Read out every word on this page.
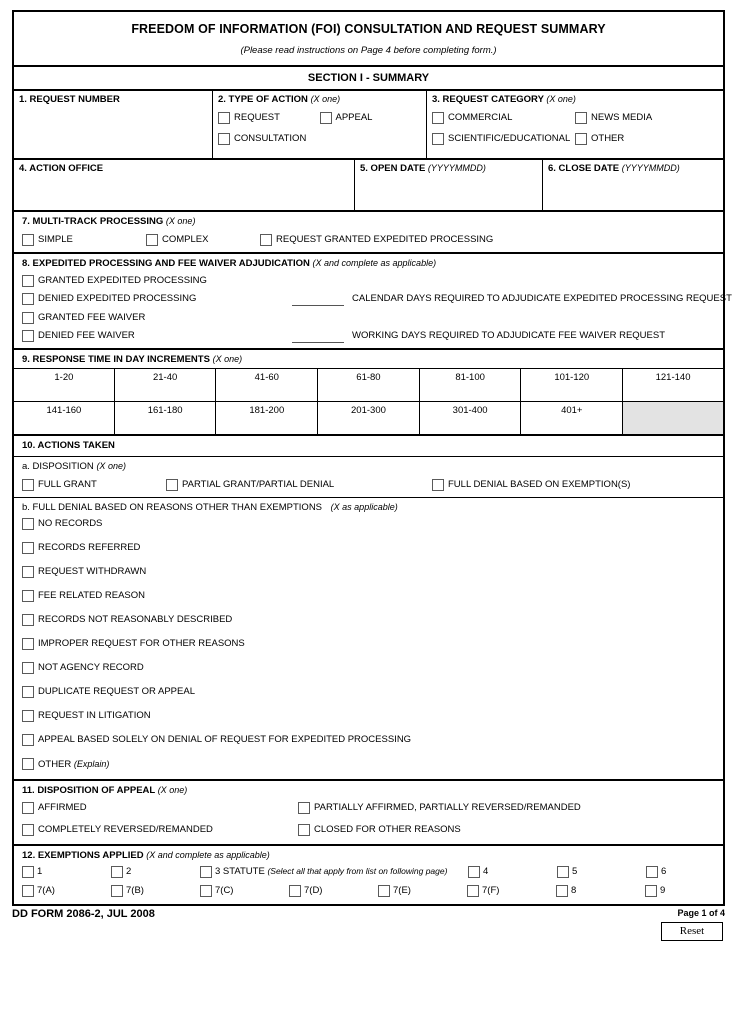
FREEDOM OF INFORMATION (FOI) CONSULTATION AND REQUEST SUMMARY
(Please read instructions on Page 4 before completing form.)
SECTION I - SUMMARY
1. REQUEST NUMBER	2. TYPE OF ACTION (X one)
REQUEST	APPEAL
CONSULTATION
3. REQUEST CATEGORY (X one)
COMMERCIAL	NEWS MEDIA
SCIENTIFIC/EDUCATIONAL OTHER
4. ACTION OFFICE	5. OPEN DATE (YYYYMMDD)	6. CLOSE DATE (YYYYMMDD)
7. MULTI-TRACK PROCESSING (X one)
SIMPLE	COMPLEX	REQUEST GRANTED EXPEDITED PROCESSING
8. EXPEDITED PROCESSING AND FEE WAIVER ADJUDICATION (X and complete as applicable)
GRANTED EXPEDITED PROCESSING
DENIED EXPEDITED PROCESSING	CALENDAR DAYS REQUIRED TO ADJUDICATE EXPEDITED PROCESSING REQUEST
GRANTED FEE WAIVER
DENIED FEE WAIVER	WORKING DAYS REQUIRED TO ADJUDICATE FEE WAIVER REQUEST
9. RESPONSE TIME IN DAY INCREMENTS (X one)
1-20	21-40	41-60	61-80	81-100	101-120	121-140
141-160	161-180	181-200	201-300	301-400	401+	
10. ACTIONS TAKEN
a. DISPOSITION (X one)
FULL GRANT	PARTIAL GRANT/PARTIAL DENIAL	FULL DENIAL BASED ON EXEMPTION(S)
b. FULL DENIAL BASED ON REASONS OTHER THAN EXEMPTIONS (X as applicable)
NO RECORDS
RECORDS REFERRED
REQUEST WITHDRAWN
FEE RELATED REASON
RECORDS NOT REASONABLY DESCRIBED
IMPROPER REQUEST FOR OTHER REASONS
NOT AGENCY RECORD
DUPLICATE REQUEST OR APPEAL
REQUEST IN LITIGATION
APPEAL BASED SOLELY ON DENIAL OF REQUEST FOR EXPEDITED PROCESSING
OTHER (Explain)
11. DISPOSITION OF APPEAL (X one)
AFFIRMED	PARTIALLY AFFIRMED, PARTIALLY REVERSED/REMANDED
COMPLETELY REVERSED/REMANDED	CLOSED FOR OTHER REASONS
12. EXEMPTIONS APPLIED (X and complete as applicable)
1	2	3 STATUTE (Select all that apply from list on following page)	4	5	6
7(A)	7(B)	7(C)	7(D)	7(E)	7(F)	8	9
DD FORM 2086-2, JUL 2008	Page 1 of 4
Reset
